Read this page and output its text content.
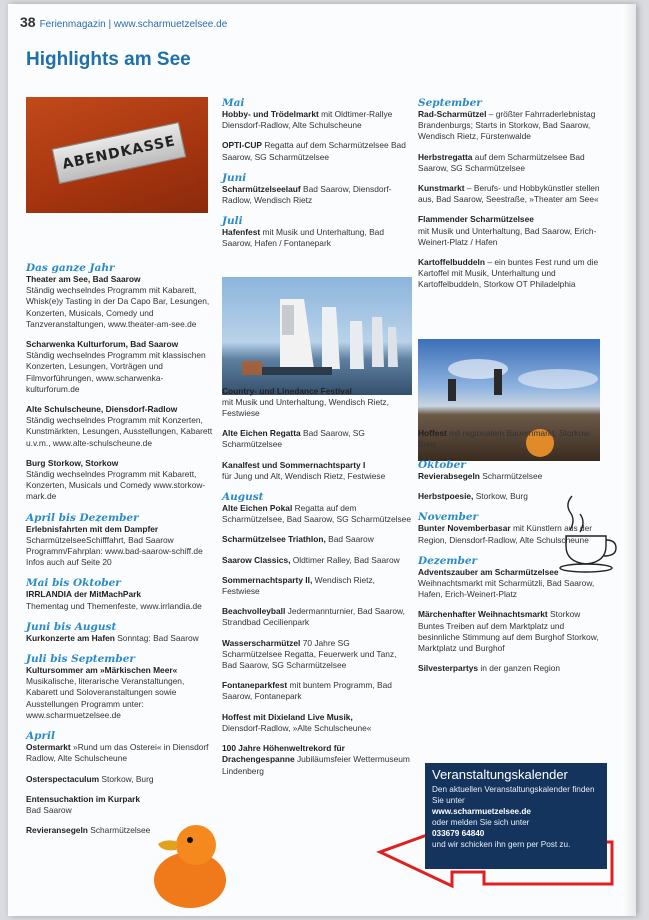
38 Ferienmagazin | www.scharmuetzelsee.de
Highlights am See
ABENDKASSE
Das ganze Jahr
Theater am See, Bad Saarow
Ständig wechselndes Programm mit Kabarett, Whisk(e)y Tasting in der Da Capo Bar, Lesungen, Konzerten, Musicals, Comedy und Tanzveranstaltungen, www.theater-am-see.de
Scharwenka Kulturforum, Bad Saarow
Ständig wechselndes Programm mit klassischen Konzerten, Lesungen, Vorträgen und Filmvorführungen, www.scharwenka-kulturforum.de
Alte Schulscheune, Diensdorf-Radlow
Ständig wechselndes Programm mit Konzerten, Kunstmärkten, Lesungen, Ausstellungen, Kabarett u.v.m., www.alte-schulscheune.de
Burg Storkow, Storkow
Ständig wechselndes Programm mit Kabarett, Konzerten, Musicals und Comedy www.storkow-mark.de
April bis Dezember
Erlebnisfahrten mit dem Dampfer
ScharmützelseeSchifffahrt, Bad Saarow Programm/Fahrplan: www.bad-saarow-schiff.de Infos auch auf Seite 20
Mai bis Oktober
IRRLANDIA der MitMachPark
Thementag und Themenfeste, www.irrlandia.de
Juni bis August
Kurkonzerte am Hafen Sonntag: Bad Saarow
Juli bis September
Kultursommer am »Märkischen Meer«
Musikalische, literarische Veranstaltungen, Kabarett und Soloveranstaltungen sowie Ausstellungen Programm unter: www.scharmuetzelsee.de
April
Ostermarkt »Rund um das Osterei« in Diensdorf Radlow, Alte Schulscheune
Osterspectaculum Storkow, Burg
Entensuchaktion im Kurpark
Bad Saarow
Revieransegeln Scharmützelsee
Mai
Hobby- und Trödelmarkt mit Oldtimer-Rallye Diensdorf-Radlow, Alte Schulscheune
OPTI-CUP Regatta auf dem Scharmützelsee Bad Saarow, SG Scharmützelsee
Juni
Scharmützelseelauf Bad Saarow, Diensdorf-Radlow, Wendisch Rietz
Juli
Hafenfest mit Musik und Unterhaltung, Bad Saarow, Hafen / Fontanepark
Country- und Linedance Festival
mit Musik und Unterhaltung, Wendisch Rietz, Festwiese
Alte Eichen Regatta Bad Saarow, SG Scharmützelsee
Kanalfest und Sommernachtsparty I
für Jung und Alt, Wendisch Rietz, Festwiese
August
Alte Eichen Pokal Regatta auf dem Scharmützelsee, Bad Saarow, SG Scharmützelsee
Scharmützelsee Triathlon, Bad Saarow
Saarow Classics, Oldtimer Ralley, Bad Saarow
Sommernachtsparty II, Wendisch Rietz, Festwiese
Beachvolleyball Jedermannturnier, Bad Saarow, Strandbad Cecilienpark
Wasserscharmützel 70 Jahre SG Scharmützelsee Regatta, Feuerwerk und Tanz, Bad Saarow, SG Scharmützelsee
Fontaneparkfest mit buntem Programm, Bad Saarow, Fontanepark
Hoffest mit Dixieland Live Musik,
Diensdorf-Radlow, »Alte Schulscheune«
100 Jahre Höhenweltrekord für Drachengespanne Jubiläumsfeier Wettermuseum Lindenberg
September
Rad-Scharmützel – größter Fahrraderlebnistag Brandenburgs; Starts in Storkow, Bad Saarow, Wendisch Rietz, Fürstenwalde
Herbstregatta auf dem Scharmützelsee Bad Saarow, SG Scharmützelsee
Kunstmarkt – Berufs- und Hobbykünstler stellen aus, Bad Saarow, Seestraße, »Theater am See«
Flammender Scharmützelsee
mit Musik und Unterhaltung, Bad Saarow, Erich-Weinert-Platz / Hafen
Kartoffelbuddeln – ein buntes Fest rund um die Kartoffel mit Musik, Unterhaltung und Kartoffelbuddeln, Storkow OT Philadelphia
Hoffest mit regionalem Bauernmarkt, Storkow, Burg
Oktober
Revierabsegeln Scharmützelsee
Herbstpoesie, Storkow, Burg
November
Bunter Novemberbasar mit Künstlern aus der Region, Diensdorf-Radlow, Alte Schulscheune
Dezember
Adventszauber am Scharmützelsee
Weihnachtsmarkt mit Scharmützli, Bad Saarow, Hafen, Erich-Weinert-Platz
Märchenhafter Weihnachtsmarkt Storkow Buntes Treiben auf dem Marktplatz und besinnliche Stimmung auf dem Burghof Storkow, Marktplatz und Burghof
Silvesterpartys in der ganzen Region
Veranstaltungskalender
Den aktuellen Veranstaltungskalender finden Sie unter
www.scharmuetzelsee.de
oder melden Sie sich unter
033679 64840
und wir schicken ihn gern per Post zu.
